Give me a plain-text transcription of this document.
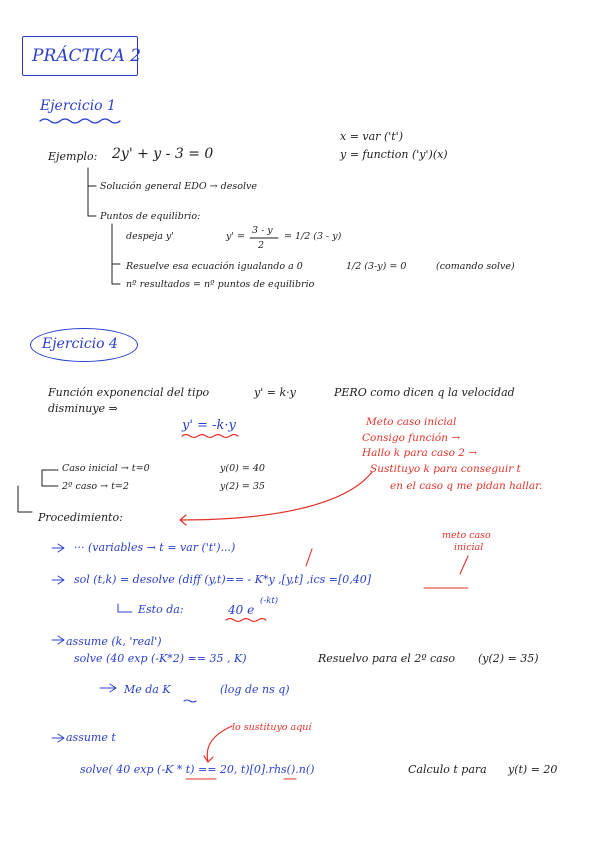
PRÁCTICA 2
Ejercicio 1
Ejemplo: 2y' + y - 3 = 0
x = var ('t')
y = function ('y')(x)
Solución general EDO → desolve
Puntos de equilibrio:
despeja y'	y' =
3 - y
2
= 1/2 (3 - y)
Resuelve esa ecuación igualando a 0	1/2 (3-y) = 0	(comando solve)
nº resultados = nº puntos de equilibrio
Ejercicio 4
Función exponencial del tipo	y' = k·y	PERO como dicen q la velocidad
disminuye ⇒
y' = -k·y	Meto caso inicial
Consigo función →
Hallo k para caso 2 →
Sustituyo k para conseguir t
en el caso q me pidan hallar.
Caso inicial → t=0	y(0) = 40
2º caso → t=2	y(2) = 35
Procedimiento:
··· (variables → t = var ('t')...)
meto caso
inicial
sol (t,k) = desolve (diff (y,t)== - K*y ,[y,t] ,ics =[0,40]
Esto da:	40 e
(-kt)
assume (k, 'real')
solve (40 exp (-K*2) == 35 , K)	Resuelvo para el 2º caso (y(2) = 35)
Me da K	(log de ns q)
lo sustituyo aquí
assume t
solve( 40 exp (-K * t) == 20, t)[0].rhs().n()	Calculo t para y(t) = 20
